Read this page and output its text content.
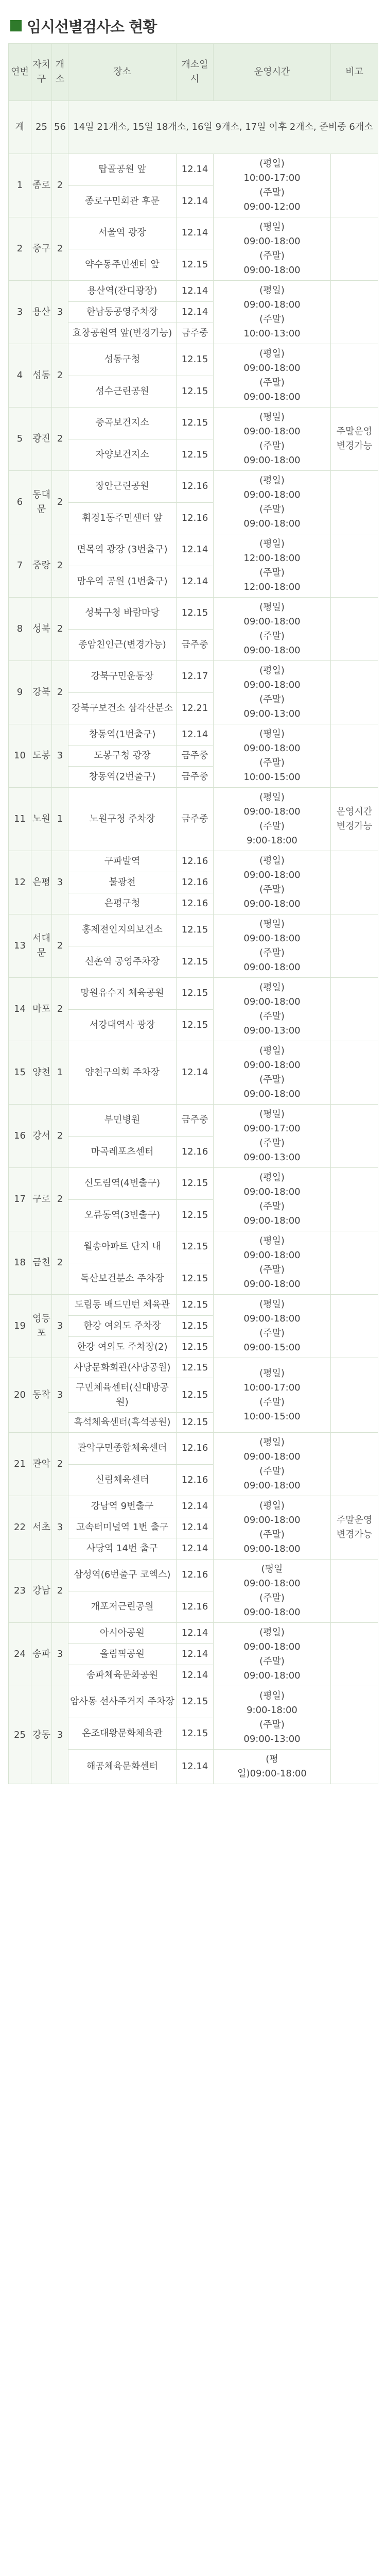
임시선별검사소 현황
연번	자치구	개소	장소	개소일시	운영시간	비고
계	25	56	14일 21개소, 15일 18개소, 16일 9개소, 17일 이후 2개소, 준비중 6개소			
1	종로	2	탑골공원 앞	12.14	(평일)
10:00-17:00
(주말)
09:00-12:00	
			종로구민회관 후문	12.14		
2	중구	2	서울역 광장	12.14	(평일)
09:00-18:00
(주말)
09:00-18:00	
			약수동주민센터 앞	12.15		
3	용산	3	용산역(잔디광장)	12.14	(평일)
09:00-18:00
(주말)
10:00-13:00	
			한남동공영주차장	12.14		
			효창공원역 앞(변경가능)	금주중		
4	성동	2	성동구청	12.15	(평일)
09:00-18:00
(주말)
09:00-18:00	
			성수근린공원	12.15		
5	광진	2	중곡보건지소	12.15	(평일)
09:00-18:00
(주말)
09:00-18:00	주말운영 변경가능
			자양보건지소	12.15		
6	동대문	2	장안근린공원	12.16	(평일)
09:00-18:00
(주말)
09:00-18:00	
			휘경1동주민센터 앞	12.16		
7	중랑	2	면목역 광장 (3번출구)	12.14	(평일)
12:00-18:00
(주말)
12:00-18:00	
			망우역 공원 (1번출구)	12.14		
8	성북	2	성북구청 바람마당	12.15	(평일)
09:00-18:00
(주말)
09:00-18:00	
			종암친인근(변경가능)	금주중		
9	강북	2	강북구민운동장	12.17	(평일)
09:00-18:00
(주말)
09:00-13:00	
			강북구보건소 삼각산분소	12.21		
10	도봉	3	창동역(1번출구)	12.14	(평일)
09:00-18:00
(주말)
10:00-15:00	
			도봉구청 광장	금주중		
			창동역(2번출구)	금주중		
11	노원	1	노원구청 주차장	금주중	(평일)
09:00-18:00
(주말)
9:00-18:00	운영시간 변경가능
12	은평	3	구파발역	12.16	(평일)
09:00-18:00
(주말)
09:00-18:00	
			불광천	12.16		
			은평구청	12.16		
13	서대문	2	홍제전인지의보건소	12.15	(평일)
09:00-18:00
(주말)
09:00-18:00	
			신촌역 공영주차장	12.15		
14	마포	2	망원유수지 체육공원	12.15	(평일)
09:00-18:00
(주말)
09:00-13:00	
			서강대역사 광장	12.15		
15	양천	1	양천구의회 주차장	12.14	(평일)
09:00-18:00
(주말)
09:00-18:00	
16	강서	2	부민병원	금주중	(평일)
09:00-17:00
(주말)
09:00-13:00	
			마곡레포츠센터	12.16		
17	구로	2	신도림역(4번출구)	12.15	(평일)
09:00-18:00
(주말)
09:00-18:00	
			오류동역(3번출구)	12.15		
18	금천	2	월송아파트 단지 내	12.15	(평일)
09:00-18:00
(주말)
09:00-18:00	
			독산보건분소 주차장	12.15		
19	영등포	3	도림동 배드민턴 체육관	12.15	(평일)
09:00-18:00
(주말)
09:00-15:00	
			한강 여의도 주차장	12.15		
			한강 여의도 주차장(2)	12.15		
20	동작	3	사당문화회관(사당공원)	12.15	(평일)
10:00-17:00
(주말)
10:00-15:00	
			구민체육센터(신대방공원)	12.15		
			흑석체육센터(흑석공원)	12.15		
21	관악	2	관악구민종합체육센터	12.16	(평일)
09:00-18:00
(주말)
09:00-18:00	
			신림체육센터	12.16		
22	서초	3	강남역 9번출구	12.14	(평일)
09:00-18:00
(주말)
09:00-18:00	주말운영 변경가능
			고속터미널역 1번 출구	12.14		
			사당역 14번 출구	12.14		
23	강남	2	삼성역(6번출구 코엑스)	12.16	(평일
09:00-18:00
(주말)
09:00-18:00	
			개포저근린공원	12.16		
24	송파	3	아시아공원	12.14	(평일)
09:00-18:00
(주말)
09:00-18:00	
			올림픽공원	12.14		
			송파체육문화공원	12.14		
25	강동	3	암사동 선사주거지 주차장	12.15	(평일)
9:00-18:00
(주말)
09:00-13:00	
			온조대왕문화체육관	12.15		
			해공체육문화센터	12.14	(평
일)09:00-18:00	
